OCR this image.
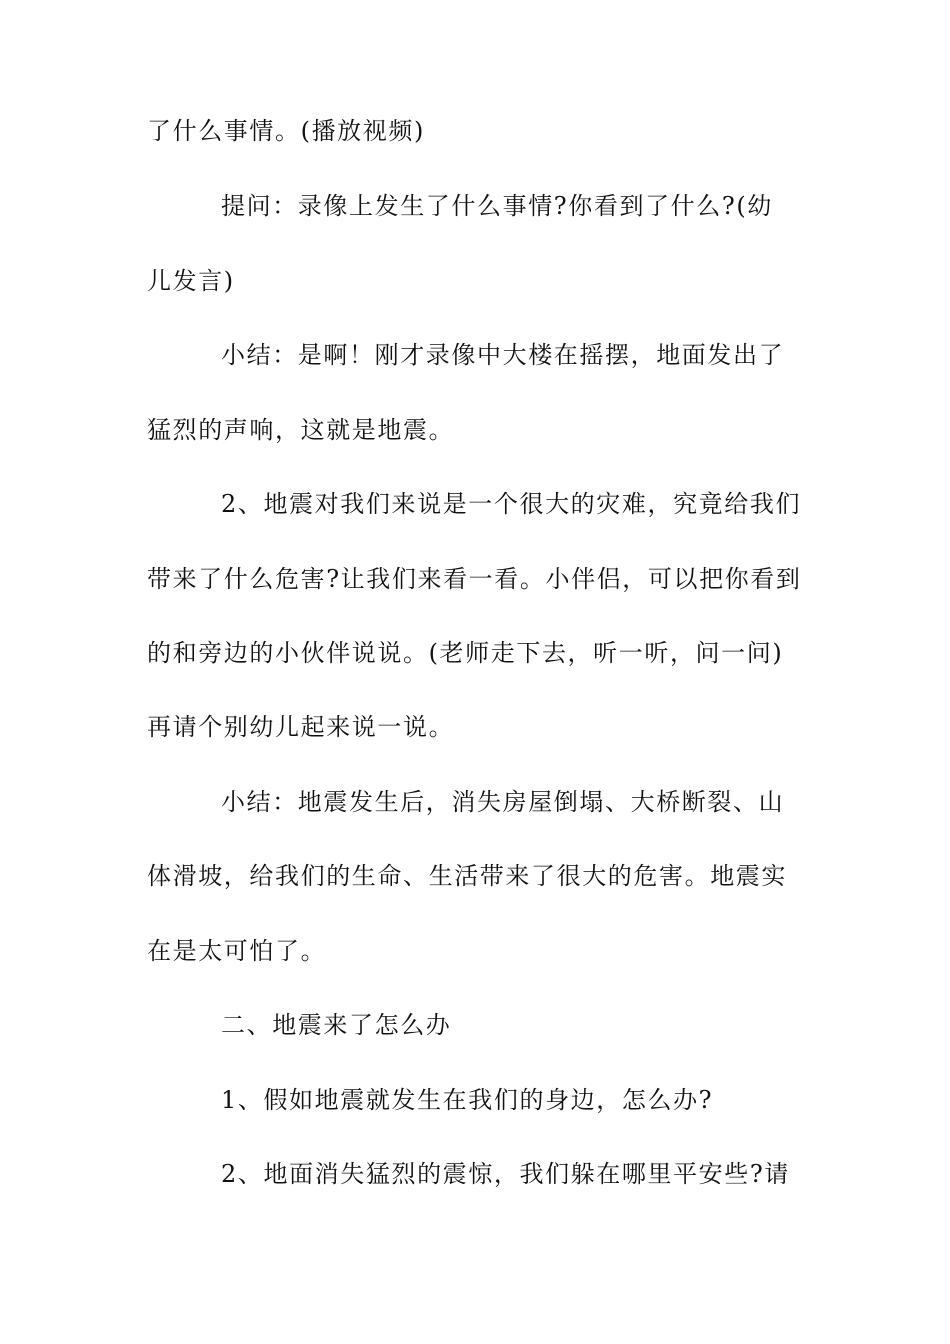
了什么事情。(播放视频)
提问：录像上发生了什么事情?你看到了什么?(幼
儿发言)
小结：是啊！刚才录像中大楼在摇摆，地面发出了
猛烈的声响，这就是地震。
2、地震对我们来说是一个很大的灾难，究竟给我们
带来了什么危害?让我们来看一看。小伴侣，可以把你看到
的和旁边的小伙伴说说。(老师走下去，听一听，问一问)
再请个别幼儿起来说一说。
小结：地震发生后，消失房屋倒塌、大桥断裂、山
体滑坡，给我们的生命、生活带来了很大的危害。地震实
在是太可怕了。
二、地震来了怎么办
1、假如地震就发生在我们的身边，怎么办?
2、地面消失猛烈的震惊，我们躲在哪里平安些?请
